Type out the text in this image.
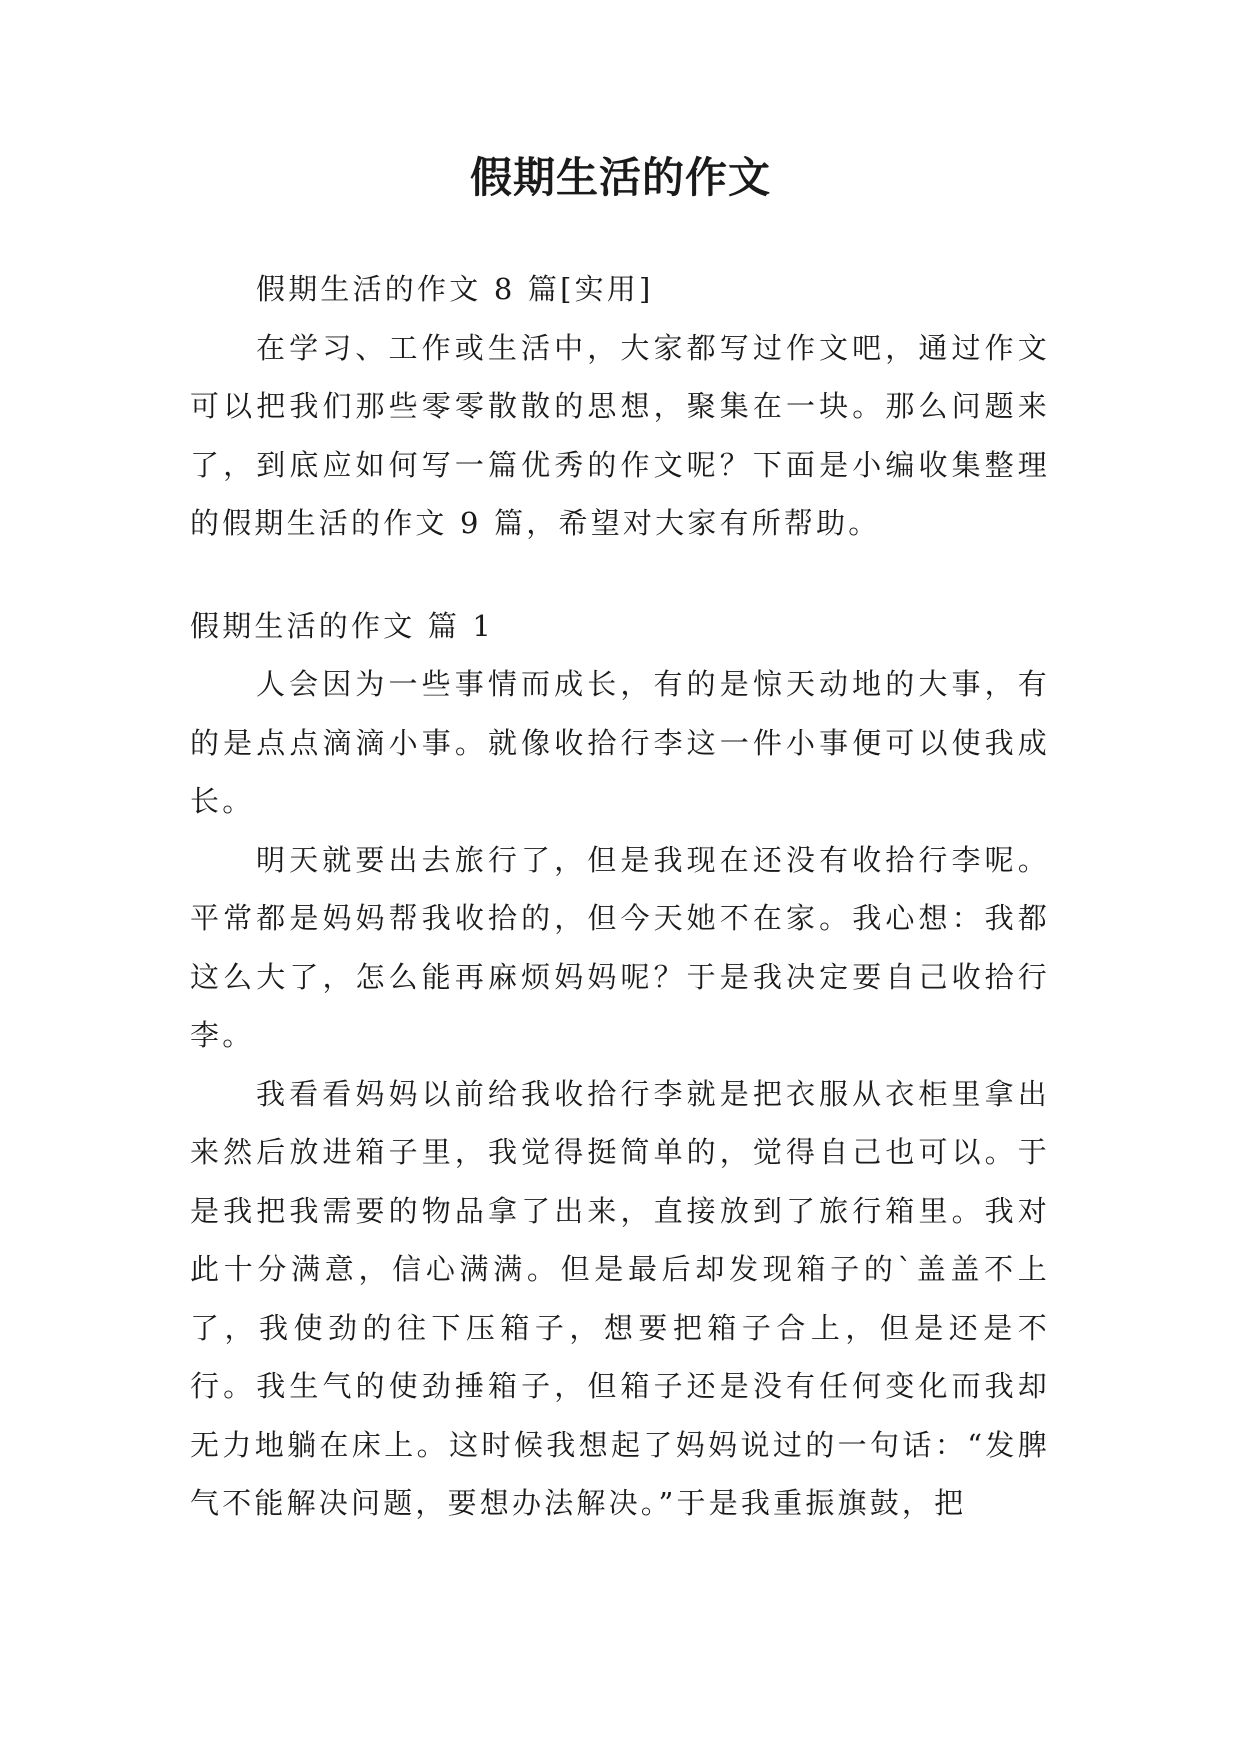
假期生活的作文

假期生活的作文 8 篇[实用]

在学习、工作或生活中，大家都写过作文吧，通过作文可以把我们那些零零散散的思想，聚集在一块。那么问题来了，到底应如何写一篇优秀的作文呢？下面是小编收集整理的假期生活的作文 9 篇，希望对大家有所帮助。

假期生活的作文 篇 1

人会因为一些事情而成长，有的是惊天动地的大事，有的是点点滴滴小事。就像收拾行李这一件小事便可以使我成长。

明天就要出去旅行了，但是我现在还没有收拾行李呢。平常都是妈妈帮我收拾的，但今天她不在家。我心想：我都这么大了，怎么能再麻烦妈妈呢？于是我决定要自己收拾行李。

我看看妈妈以前给我收拾行李就是把衣服从衣柜里拿出来然后放进箱子里，我觉得挺简单的，觉得自己也可以。于是我把我需要的物品拿了出来，直接放到了旅行箱里。我对此十分满意，信心满满。但是最后却发现箱子的`盖盖不上了，我使劲的往下压箱子，想要把箱子合上，但是还是不行。我生气的使劲捶箱子，但箱子还是没有任何变化而我却无力地躺在床上。这时候我想起了妈妈说过的一句话：“发脾气不能解决问题，要想办法解决。”于是我重振旗鼓，把
